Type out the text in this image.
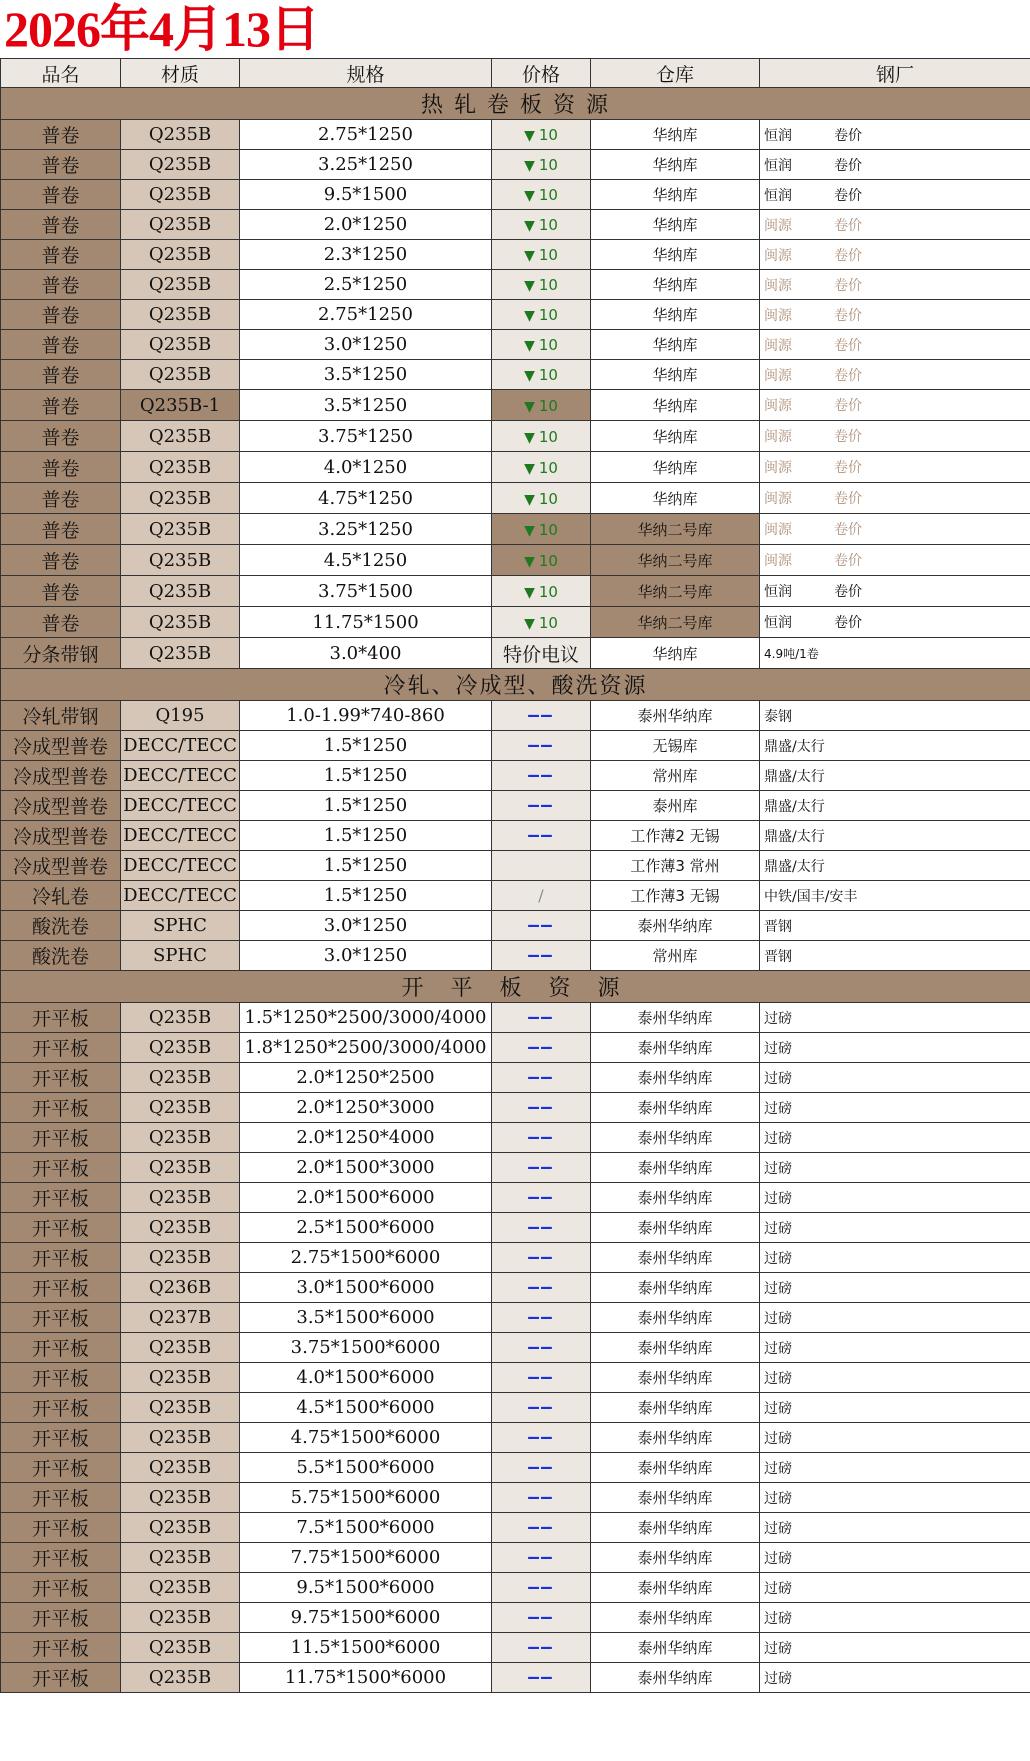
2026年4月13日
品名	材质	规格	价格	仓库	钢厂
热 轧 卷 板 资 源					
普卷	Q235B	2.75*1250	▼ 10	华纳库	恒润 卷价
普卷	Q235B	3.25*1250	▼ 10	华纳库	恒润 卷价
普卷	Q235B	9.5*1500	▼ 10	华纳库	恒润 卷价
普卷	Q235B	2.0*1250	▼ 10	华纳库	闽源 卷价
普卷	Q235B	2.3*1250	▼ 10	华纳库	闽源 卷价
普卷	Q235B	2.5*1250	▼ 10	华纳库	闽源 卷价
普卷	Q235B	2.75*1250	▼ 10	华纳库	闽源 卷价
普卷	Q235B	3.0*1250	▼ 10	华纳库	闽源 卷价
普卷	Q235B	3.5*1250	▼ 10	华纳库	闽源 卷价
普卷	Q235B-1	3.5*1250	▼ 10	华纳库	闽源 卷价
普卷	Q235B	3.75*1250	▼ 10	华纳库	闽源 卷价
普卷	Q235B	4.0*1250	▼ 10	华纳库	闽源 卷价
普卷	Q235B	4.75*1250	▼ 10	华纳库	闽源 卷价
普卷	Q235B	3.25*1250	▼ 10	华纳二号库	闽源 卷价
普卷	Q235B	4.5*1250	▼ 10	华纳二号库	闽源 卷价
普卷	Q235B	3.75*1500	▼ 10	华纳二号库	恒润 卷价
普卷	Q235B	11.75*1500	▼ 10	华纳二号库	恒润 卷价
分条带钢	Q235B	3.0*400	特价电议	华纳库	4.9吨/1卷
冷轧、冷成型、酸洗资源					
冷轧带钢	Q195	1.0-1.99*740-860	——	泰州华纳库	泰钢
冷成型普卷	DECC/TECC	1.5*1250	——	无锡库	鼎盛/太行
冷成型普卷	DECC/TECC	1.5*1250	——	常州库	鼎盛/太行
冷成型普卷	DECC/TECC	1.5*1250	——	泰州库	鼎盛/太行
冷成型普卷	DECC/TECC	1.5*1250	——	工作薄2 无锡	鼎盛/太行
冷成型普卷	DECC/TECC	1.5*1250		工作薄3 常州	鼎盛/太行
冷轧卷	DECC/TECC	1.5*1250	/	工作薄3 无锡	中铁/国丰/安丰
酸洗卷	SPHC	3.0*1250	——	泰州华纳库	晋钢
酸洗卷	SPHC	3.0*1250	——	常州库	晋钢
开 平 板 资 源					
开平板	Q235B	1.5*1250*2500/3000/4000	——	泰州华纳库	过磅
开平板	Q235B	1.8*1250*2500/3000/4000	——	泰州华纳库	过磅
开平板	Q235B	2.0*1250*2500	——	泰州华纳库	过磅
开平板	Q235B	2.0*1250*3000	——	泰州华纳库	过磅
开平板	Q235B	2.0*1250*4000	——	泰州华纳库	过磅
开平板	Q235B	2.0*1500*3000	——	泰州华纳库	过磅
开平板	Q235B	2.0*1500*6000	——	泰州华纳库	过磅
开平板	Q235B	2.5*1500*6000	——	泰州华纳库	过磅
开平板	Q235B	2.75*1500*6000	——	泰州华纳库	过磅
开平板	Q236B	3.0*1500*6000	——	泰州华纳库	过磅
开平板	Q237B	3.5*1500*6000	——	泰州华纳库	过磅
开平板	Q235B	3.75*1500*6000	——	泰州华纳库	过磅
开平板	Q235B	4.0*1500*6000	——	泰州华纳库	过磅
开平板	Q235B	4.5*1500*6000	——	泰州华纳库	过磅
开平板	Q235B	4.75*1500*6000	——	泰州华纳库	过磅
开平板	Q235B	5.5*1500*6000	——	泰州华纳库	过磅
开平板	Q235B	5.75*1500*6000	——	泰州华纳库	过磅
开平板	Q235B	7.5*1500*6000	——	泰州华纳库	过磅
开平板	Q235B	7.75*1500*6000	——	泰州华纳库	过磅
开平板	Q235B	9.5*1500*6000	——	泰州华纳库	过磅
开平板	Q235B	9.75*1500*6000	——	泰州华纳库	过磅
开平板	Q235B	11.5*1500*6000	——	泰州华纳库	过磅
开平板	Q235B	11.75*1500*6000	——	泰州华纳库	过磅
